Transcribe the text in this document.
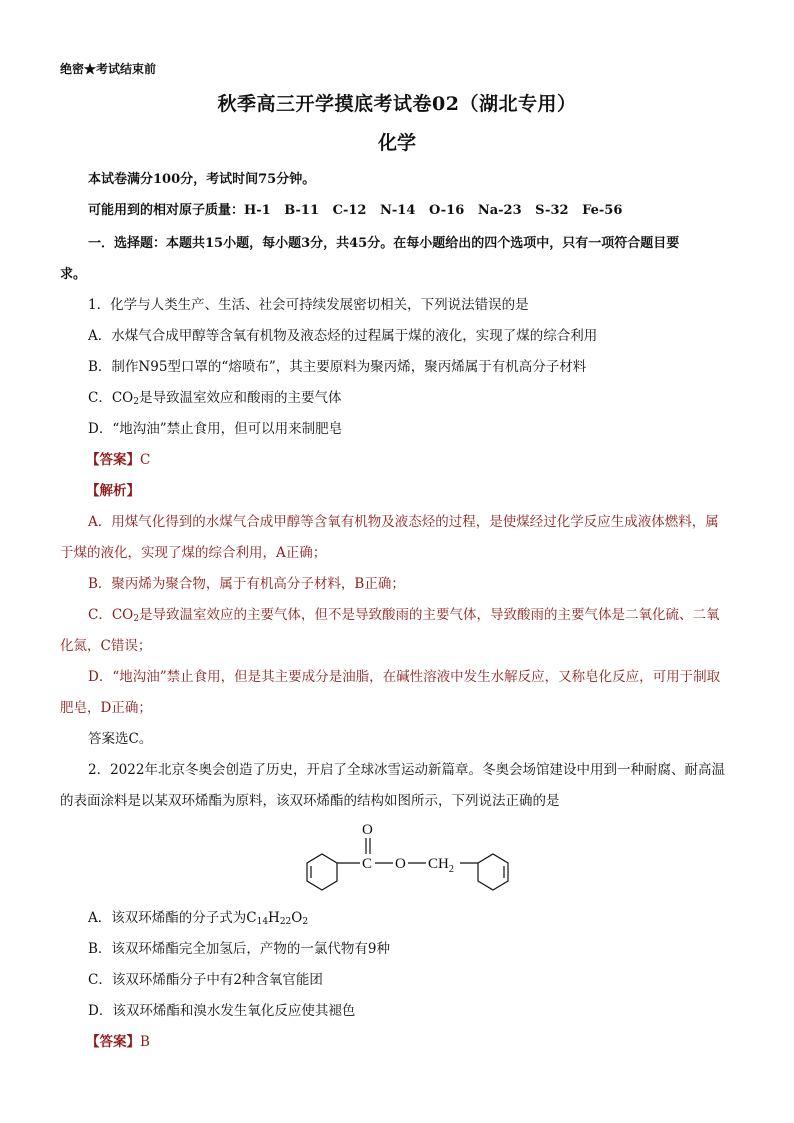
绝密★考试结束前
秋季高三开学摸底考试卷02（湖北专用）
化学
本试卷满分100分，考试时间75分钟。
可能用到的相对原子质量：H-1   B-11   C-12   N-14   O-16   Na-23   S-32   Fe-56
一．选择题：本题共15小题，每小题3分，共45分。在每小题给出的四个选项中，只有一项符合题目要
求。
1．化学与人类生产、生活、社会可持续发展密切相关，下列说法错误的是
A．水煤气合成甲醇等含氧有机物及液态烃的过程属于煤的液化，实现了煤的综合利用
B．制作N95型口罩的“熔喷布”，其主要原料为聚丙烯，聚丙烯属于有机高分子材料
C．$CO_2$是导致温室效应和酸雨的主要气体
D．“地沟油”禁止食用，但可以用来制肥皂
【答案】C
【解析】
A．用煤气化得到的水煤气合成甲醇等含氧有机物及液态烃的过程，是使煤经过化学反应生成液体燃料，属
于煤的液化，实现了煤的综合利用，A正确；
B．聚丙烯为聚合物，属于有机高分子材料，B正确；
C．$CO_2$是导致温室效应的主要气体，但不是导致酸雨的主要气体，导致酸雨的主要气体是二氧化硫、二氧
化氮，C错误；
D．“地沟油”禁止食用，但是其主要成分是油脂，在碱性溶液中发生水解反应，又称皂化反应，可用于制取
肥皂，D正确；
答案选C。
2．2022年北京冬奥会创造了历史，开启了全球冰雪运动新篇章。冬奥会场馆建设中用到一种耐腐、耐高温
的表面涂料是以某双环烯酯为原料，该双环烯酯的结构如图所示，下列说法正确的是
O
C O $CH_2$
A．该双环烯酯的分子式为$C_{14}H_{22}O_2$
B．该双环烯酯完全加氢后，产物的一氯代物有9种
C．该双环烯酯分子中有2种含氧官能团
D．该双环烯酯和溴水发生氧化反应使其褪色
【答案】B
